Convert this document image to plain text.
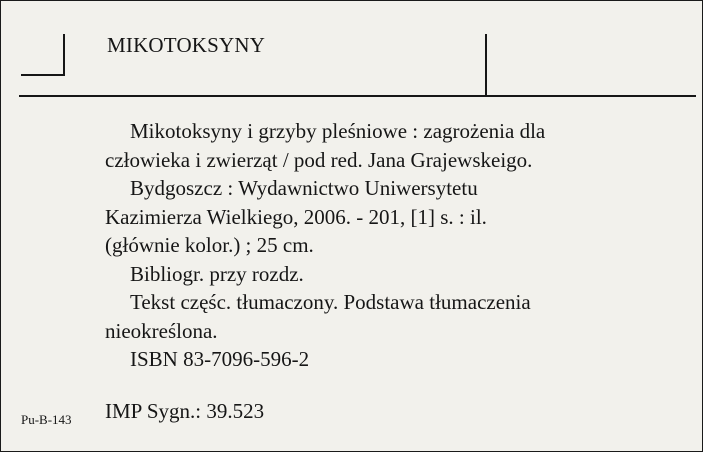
MIKOTOKSYNY

Mikotoksyny i grzyby pleśniowe : zagrożenia dla

człowieka i zwierząt / pod red. Jana Grajewskeigo.

Bydgoszcz : Wydawnictwo Uniwersytetu

Kazimierza Wielkiego, 2006. - 201, [1] s. : il.
(głównie kolor.) ; 25 cm.

Bibliogr. przy rozdz.

Tekst częśc. tłumaczony. Podstawa tłumaczenia

nieokreślona.

ISBN 83-7096-596-2

Pu-B-143 IMP Sygn.: 39.523
